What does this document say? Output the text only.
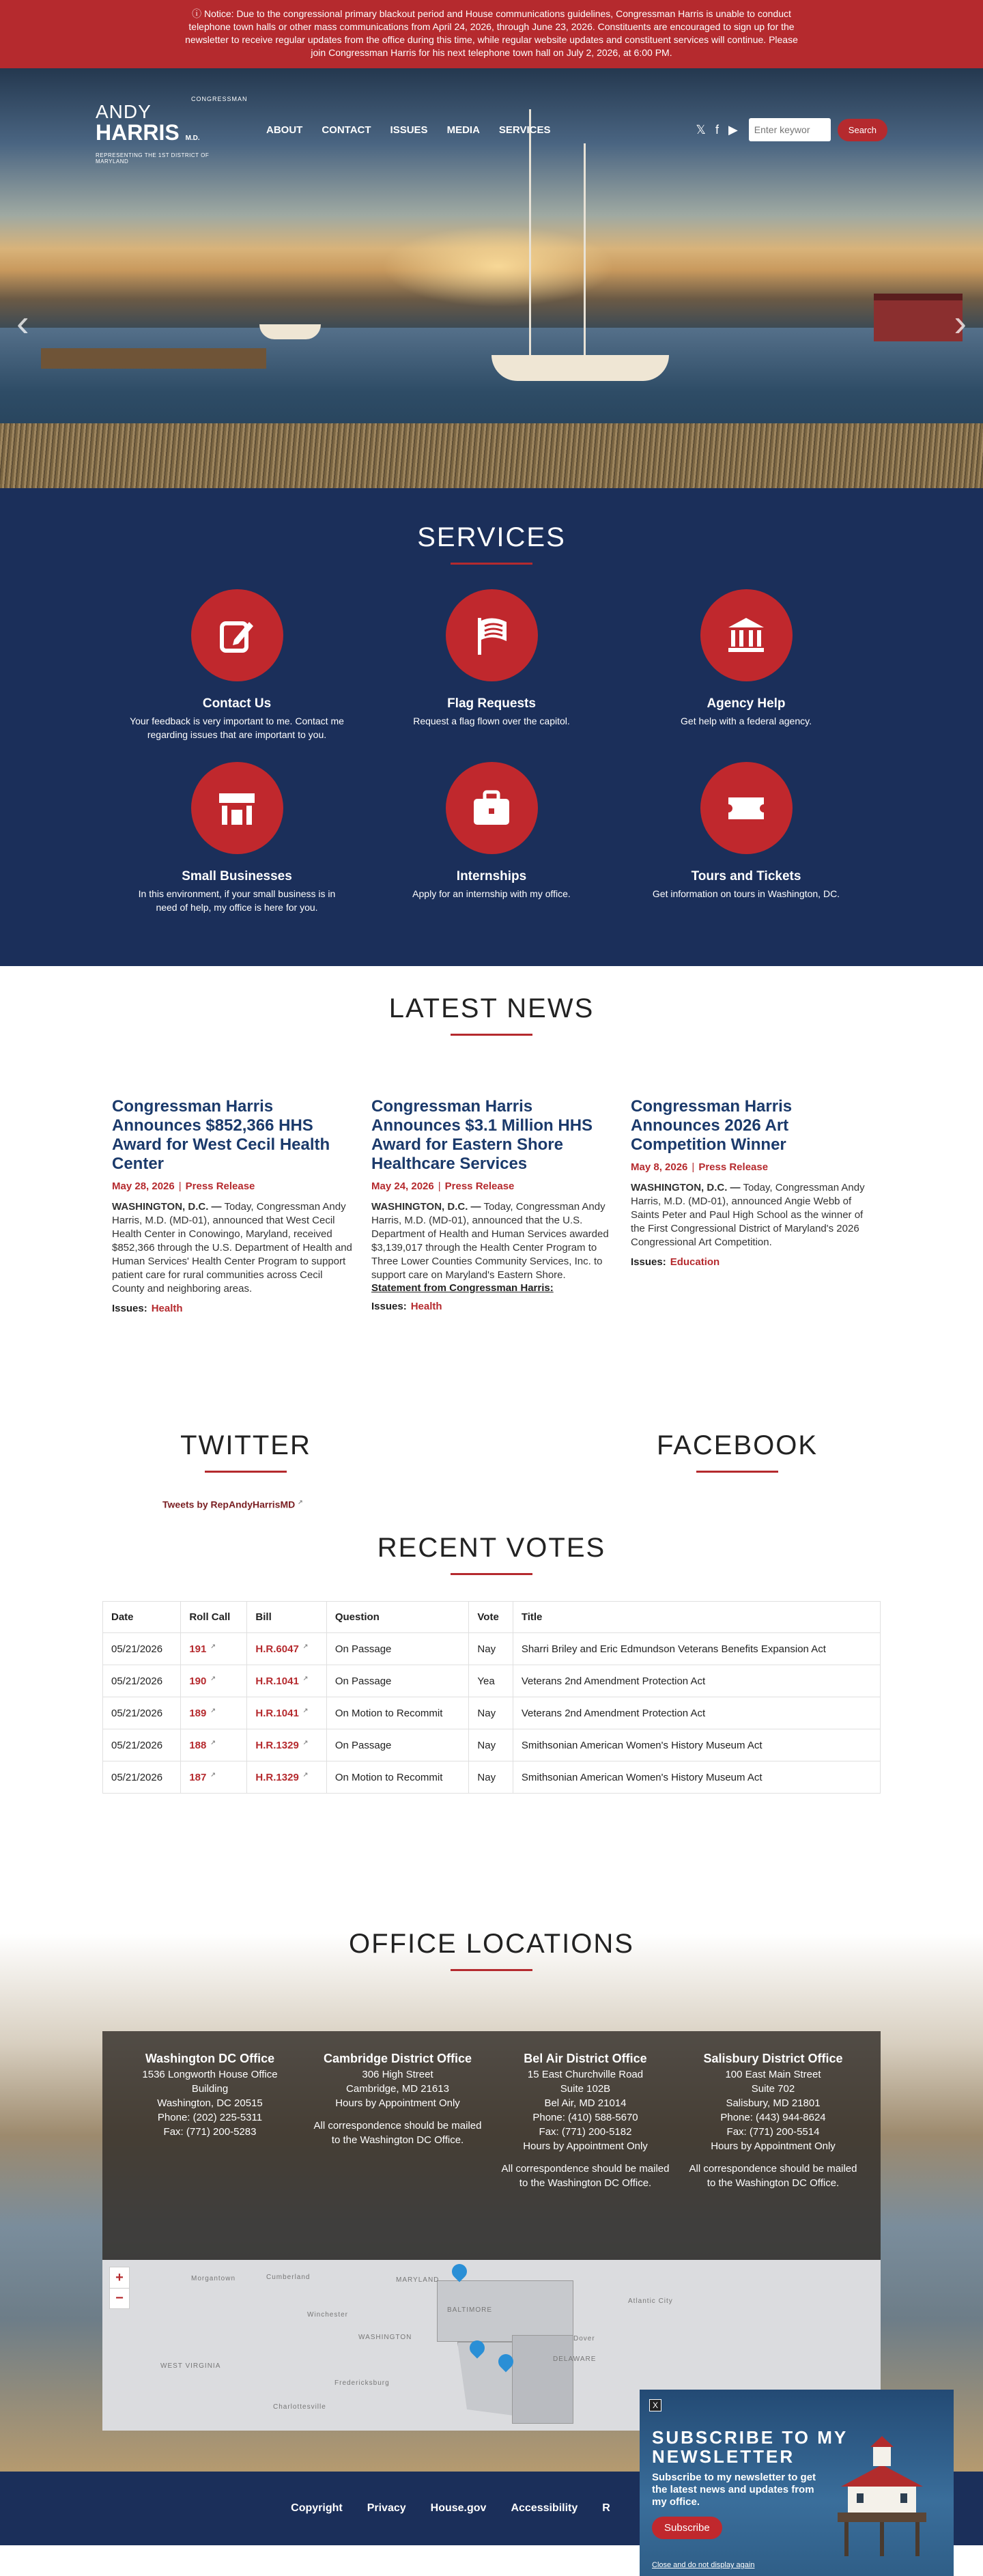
ⓘ Notice: Due to the congressional primary blackout period and House communications guidelines, Congressman Harris is unable to conduct telephone town halls or other mass communications from April 24, 2026, through June 23, 2026. Constituents are encouraged to sign up for the newsletter to receive regular updates from the office during this time, while regular website updates and constituent services will continue. Please join Congressman Harris for his next telephone town hall on July 2, 2026, at 6:00 PM.
CONGRESSMAN
ANDY
HARRIS M.D.
REPRESENTING THE 1ST DISTRICT OF MARYLAND
ABOUT CONTACT ISSUES MEDIA SERVICES	𝕏 f ▶
Enter keywor	Search
‹	›
SERVICES
Contact Us

Your feedback is very important to me. Contact me regarding issues that are important to you.

Flag Requests

Request a flag flown over the capitol.

Agency Help

Get help with a federal agency.

Small Businesses

In this environment, if your small business is in need of help, my office is here for you.

Internships

Apply for an internship with my office.

Tours and Tickets

Get information on tours in Washington, DC.

LATEST NEWS
Congressman Harris Announces $852,366 HHS Award for West Cecil Health Center
May 28, 2026 | Press Release

WASHINGTON, D.C. — Today, Congressman Andy Harris, M.D. (MD-01), announced that West Cecil Health Center in Conowingo, Maryland, received $852,366 through the U.S. Department of Health and Human Services' Health Center Program to support patient care for rural communities across Cecil County and neighboring areas.

Issues: Health
Congressman Harris Announces $3.1 Million HHS Award for Eastern Shore Healthcare Services
May 24, 2026 | Press Release

WASHINGTON, D.C. — Today, Congressman Andy Harris, M.D. (MD-01), announced that the U.S. Department of Health and Human Services awarded $3,139,017 through the Health Center Program to Three Lower Counties Community Services, Inc. to support care on Maryland's Eastern Shore.

Statement from Congressman Harris:
Issues: Health
Congressman Harris Announces 2026 Art Competition Winner
May 8, 2026 | Press Release

WASHINGTON, D.C. — Today, Congressman Andy Harris, M.D. (MD-01), announced Angie Webb of Saints Peter and Paul High School as the winner of the First Congressional District of Maryland's 2026 Congressional Art Competition.

Issues: Education
TWITTER	FACEBOOK
Tweets by RepAndyHarrisMD ↗
RECENT VOTES
Date	Roll Call	Bill	Question	Vote	Title
05/21/2026	191 ↗	H.R.6047 ↗	On Passage	Nay	Sharri Briley and Eric Edmundson Veterans Benefits Expansion Act
05/21/2026	190 ↗	H.R.1041 ↗	On Passage	Yea	Veterans 2nd Amendment Protection Act
05/21/2026	189 ↗	H.R.1041 ↗	On Motion to Recommit	Nay	Veterans 2nd Amendment Protection Act
05/21/2026	188 ↗	H.R.1329 ↗	On Passage	Nay	Smithsonian American Women's History Museum Act
05/21/2026	187 ↗	H.R.1329 ↗	On Motion to Recommit	Nay	Smithsonian American Women's History Museum Act
OFFICE LOCATIONS
Washington DC Office
1536 Longworth House Office Building
Washington, DC 20515
Phone: (202) 225-5311
Fax: (771) 200-5283
Cambridge District Office
306 High Street
Cambridge, MD 21613
Hours by Appointment Only
All correspondence should be mailed to the Washington DC Office.
Bel Air District Office
15 East Churchville Road
Suite 102B
Bel Air, MD 21014
Phone: (410) 588-5670
Fax: (771) 200-5182
Hours by Appointment Only
All correspondence should be mailed to the Washington DC Office.
Salisbury District Office
100 East Main Street
Suite 702
Salisbury, MD 21801
Phone: (443) 944-8624
Fax: (771) 200-5514
Hours by Appointment Only
All correspondence should be mailed to the Washington DC Office.
MARYLAND
BALTIMORE
WASHINGTON
WEST VIRGINIA
DELAWARE
Cumberland
Morgantown
Atlantic City
Charlottesville
Fredericksburg
Winchester
Dover
+
−
X
SUBSCRIBE TO MY NEWSLETTER

Subscribe to my newsletter to get the latest news and updates from my office.

Subscribe
Close and do not display again
Copyright Privacy House.gov Accessibility R
